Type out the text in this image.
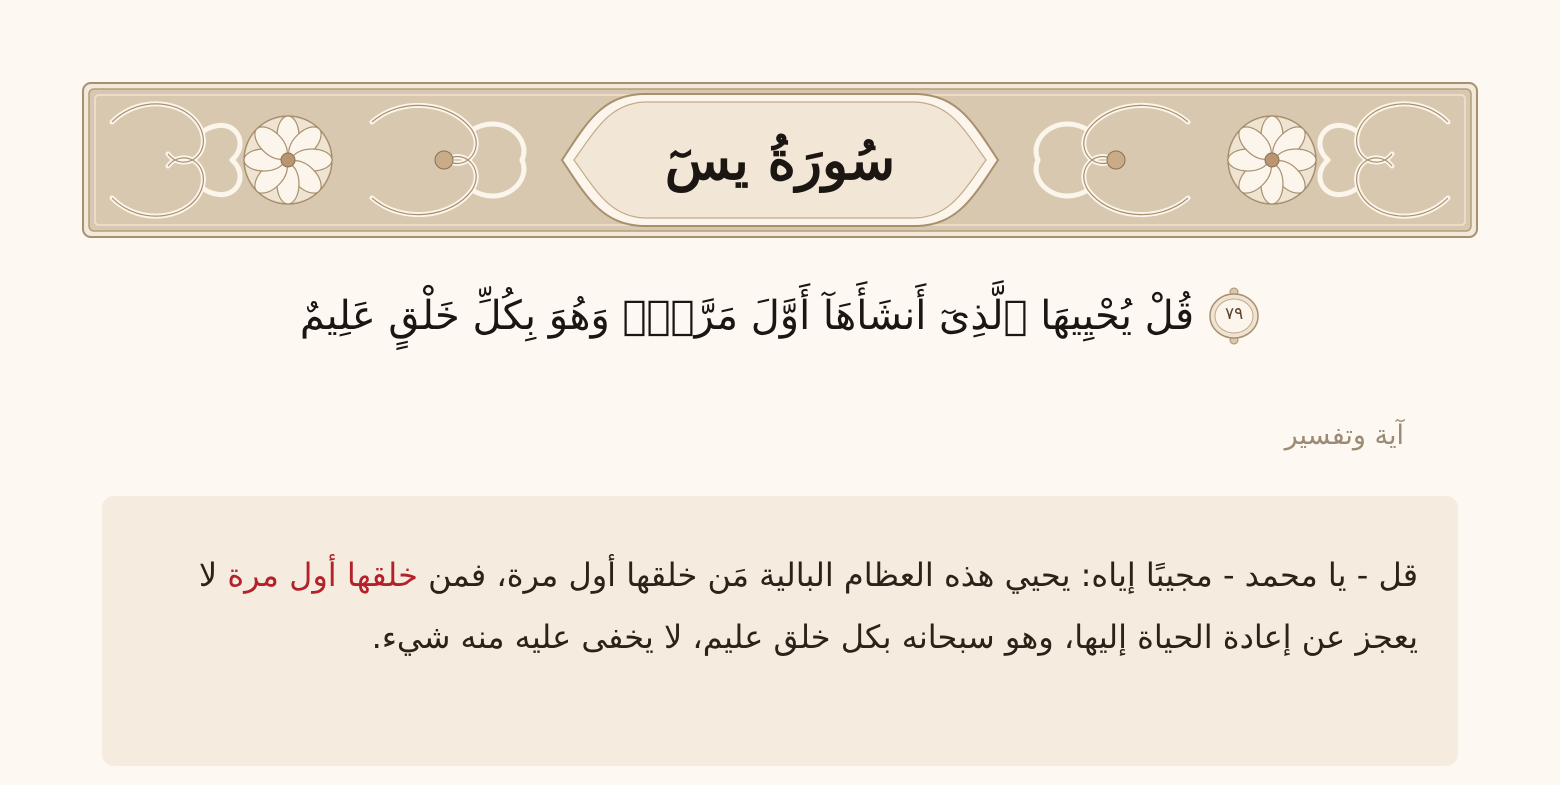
سُورَةُ يسٓ
قُلْ يُحْيِيهَا ٱلَّذِىٓ أَنشَأَهَآ أَوَّلَ مَرَّةٍۖ وَهُوَ بِكُلِّ خَلْقٍ عَلِيمٌ	٧٩
آية وتفسير

قل - يا محمد - مجيبًا إياه: يحيي هذه العظام البالية مَن خلقها أول مرة، فمن خلقها أول مرة لا يعجز عن إعادة الحياة إليها، وهو سبحانه بكل خلق عليم، لا يخفى عليه منه شيء.
